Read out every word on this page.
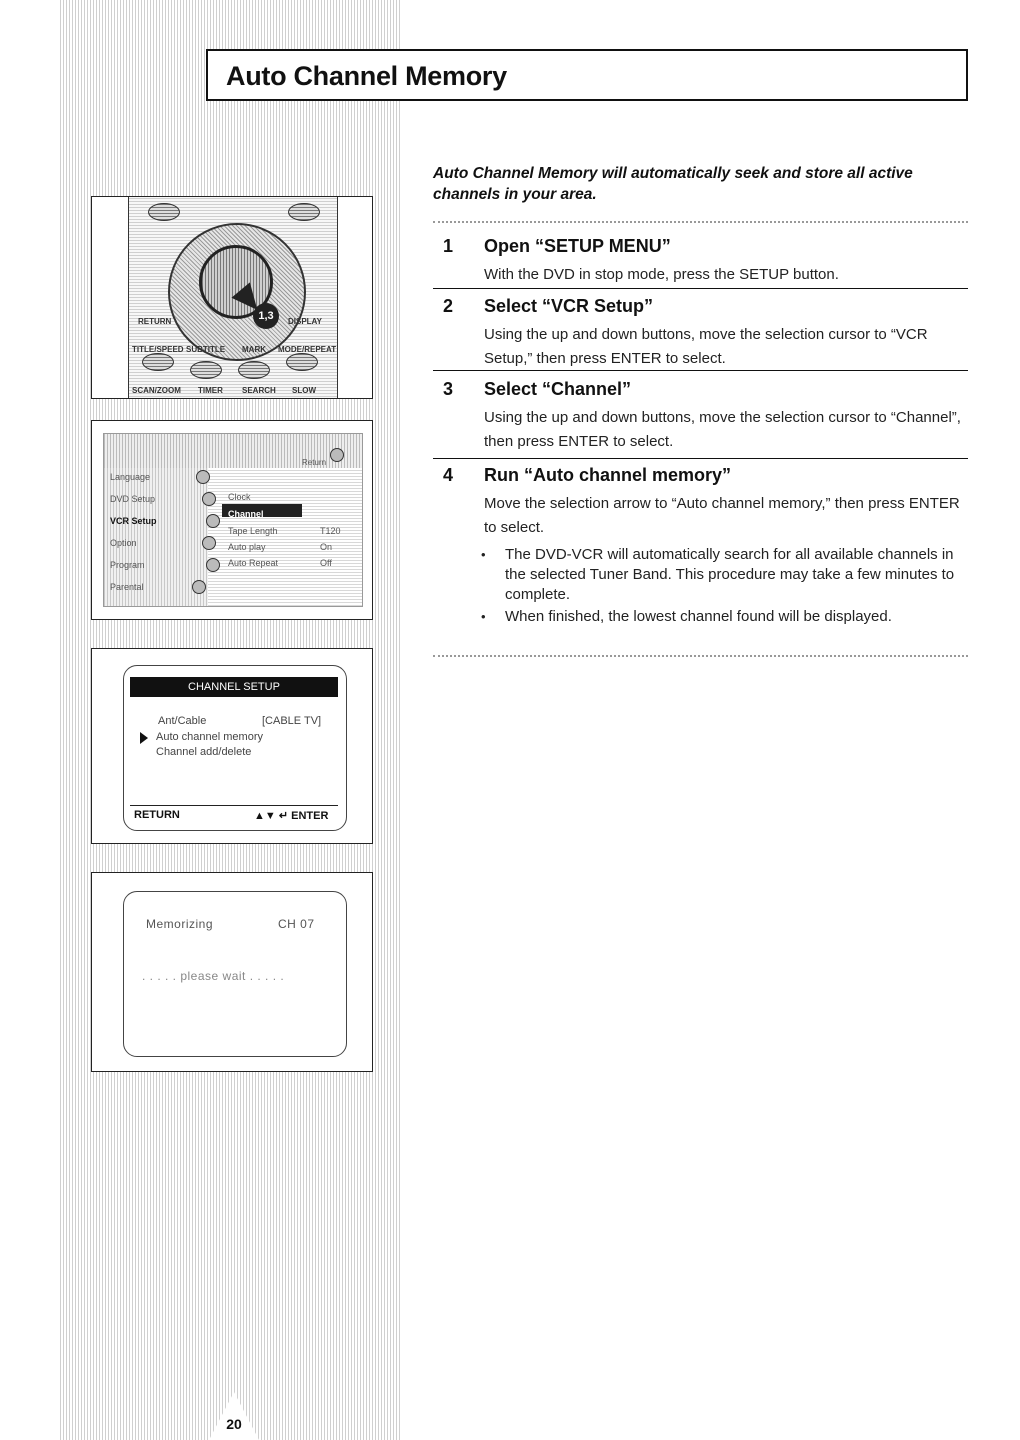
Auto Channel Memory
Auto Channel Memory will automatically seek and store all active channels in your area.
1 Open “SETUP MENU”
With the DVD in stop mode, press the SETUP button.
2 Select “VCR Setup”
Using the up and down buttons, move the selection cursor to “VCR Setup,” then press ENTER to select.
3 Select “Channel”
Using the up and down buttons, move the selection cursor to “Channel”, then press ENTER to select.
4 Run “Auto channel memory”
Move the selection arrow to “Auto channel memory,” then press ENTER to select.
• The DVD-VCR will automatically search for all available channels in the selected Tuner Band. This procedure may take a few minutes to complete.
• When finished, the lowest channel found will be displayed.
RETURN	DISPLAY
TITLE/SPEED SUBTITLE MARK MODE/REPEAT
SCAN/ZOOM TIMER SEARCH SLOW
1,3
Return
Language
DVD Setup
VCR Setup
Option
Program
Parental
Clock
Channel
Tape Length	T120
Auto play	On
Auto Repeat	Off
CHANNEL SETUP
Ant/Cable	[CABLE TV]
Auto channel memory
Channel add/delete
RETURN	▲▼ ↵ ENTER
Memorizing	CH 07
. . . . . please wait . . . . .
20
